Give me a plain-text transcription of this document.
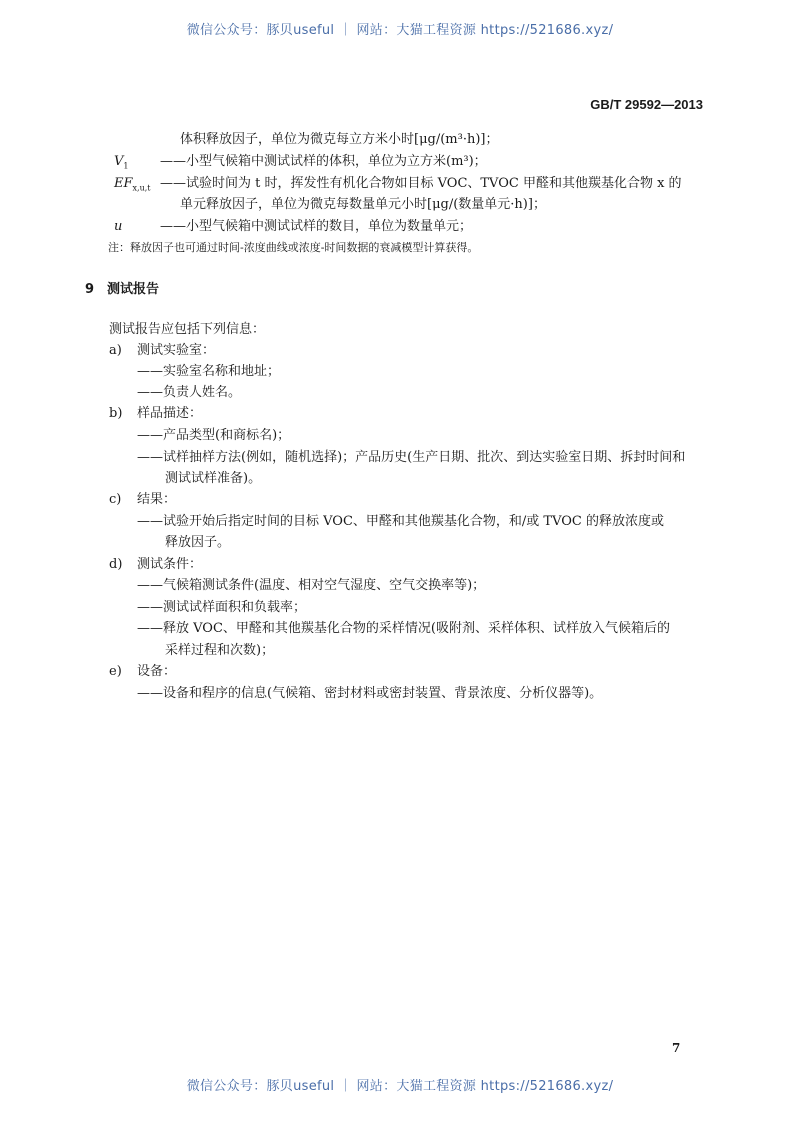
微信公众号：豚贝useful ｜ 网站：大猫工程资源 https://521686.xyz/
GB/T 29592—2013
体积释放因子，单位为微克每立方米小时[μg/(m³·h)]；
$V_1$ ——小型气候箱中测试试样的体积，单位为立方米(m³)；
$EF_{x,u,t}$ ——试验时间为 t 时，挥发性有机化合物如目标 VOC、TVOC 甲醛和其他羰基化合物 x 的
单元释放因子，单位为微克每数量单元小时[μg/(数量单元·h)]；
u	——小型气候箱中测试试样的数目，单位为数量单元；
注：释放因子也可通过时间-浓度曲线或浓度-时间数据的衰减模型计算获得。
9 测试报告
测试报告应包括下列信息：
a) 测试实验室：
——实验室名称和地址；
——负责人姓名。
b) 样品描述：
——产品类型(和商标名)；
——试样抽样方法(例如，随机选择)；产品历史(生产日期、批次、到达实验室日期、拆封时间和
测试试样准备)。
c) 结果：
——试验开始后指定时间的目标 VOC、甲醛和其他羰基化合物，和/或 TVOC 的释放浓度或
释放因子。
d) 测试条件：
——气候箱测试条件(温度、相对空气湿度、空气交换率等)；
——测试试样面积和负载率；
——释放 VOC、甲醛和其他羰基化合物的采样情况(吸附剂、采样体积、试样放入气候箱后的
采样过程和次数)；
e) 设备：
——设备和程序的信息(气候箱、密封材料或密封装置、背景浓度、分析仪器等)。
7
微信公众号：豚贝useful ｜ 网站：大猫工程资源 https://521686.xyz/
